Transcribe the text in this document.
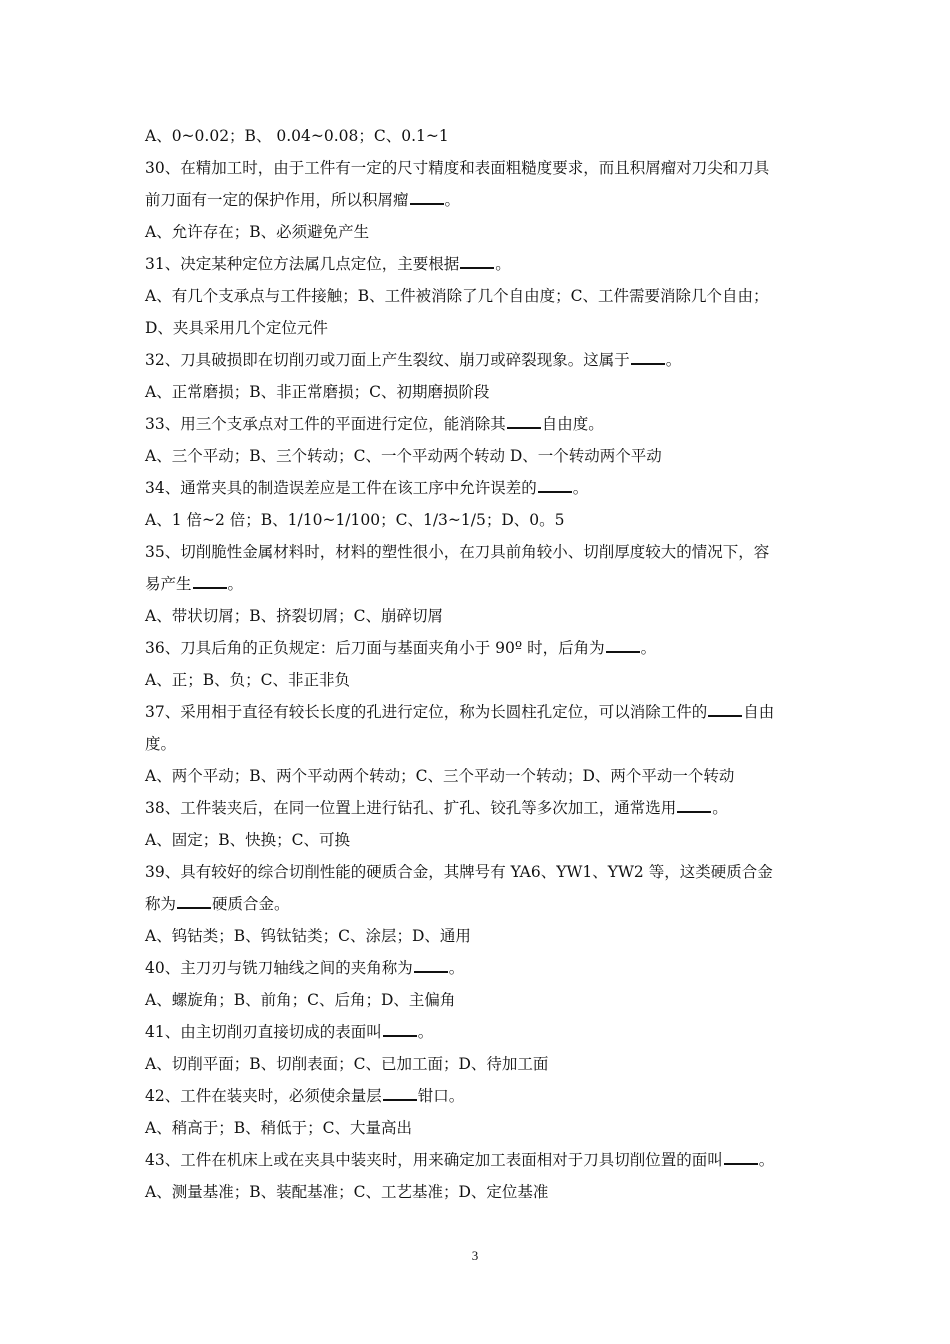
A、0~0.02；B、 0.04~0.08；C、0.1~1
30、在精加工时，由于工件有一定的尺寸精度和表面粗糙度要求，而且积屑瘤对刀尖和刀具
前刀面有一定的保护作用，所以积屑瘤 。
A、允许存在；B、必须避免产生
31、决定某种定位方法属几点定位，主要根据 。
A、有几个支承点与工件接触；B、工件被消除了几个自由度；C、工件需要消除几个自由；
D、夹具采用几个定位元件
32、刀具破损即在切削刃或刀面上产生裂纹、崩刀或碎裂现象。这属于 。
A、正常磨损；B、非正常磨损；C、初期磨损阶段
33、用三个支承点对工件的平面进行定位，能消除其 自由度。
A、三个平动；B、三个转动；C、一个平动两个转动 D、一个转动两个平动
34、通常夹具的制造误差应是工件在该工序中允许误差的 。
A、1 倍~2 倍；B、1/10~1/100；C、1/3~1/5；D、0。5
35、切削脆性金属材料时，材料的塑性很小，在刀具前角较小、切削厚度较大的情况下，容
易产生 。
A、带状切屑；B、挤裂切屑；C、崩碎切屑
36、刀具后角的正负规定：后刀面与基面夹角小于 90º 时，后角为 。
A、正；B、负；C、非正非负
37、采用相于直径有较长长度的孔进行定位，称为长圆柱孔定位，可以消除工件的 自由
度。
A、两个平动；B、两个平动两个转动；C、三个平动一个转动；D、两个平动一个转动
38、工件装夹后，在同一位置上进行钻孔、扩孔、铰孔等多次加工，通常选用 。
A、固定；B、快换；C、可换
39、具有较好的综合切削性能的硬质合金，其牌号有 YA6、YW1、YW2 等，这类硬质合金
称为 硬质合金。
A、钨钴类；B、钨钛钴类；C、涂层；D、通用
40、主刀刃与铣刀轴线之间的夹角称为 。
A、螺旋角；B、前角；C、后角；D、主偏角
41、由主切削刃直接切成的表面叫 。
A、切削平面；B、切削表面；C、已加工面；D、待加工面
42、工件在装夹时，必须使余量层 钳口。
A、稍高于；B、稍低于；C、大量高出
43、工件在机床上或在夹具中装夹时，用来确定加工表面相对于刀具切削位置的面叫 。
A、测量基准；B、装配基准；C、工艺基准；D、定位基准
3
